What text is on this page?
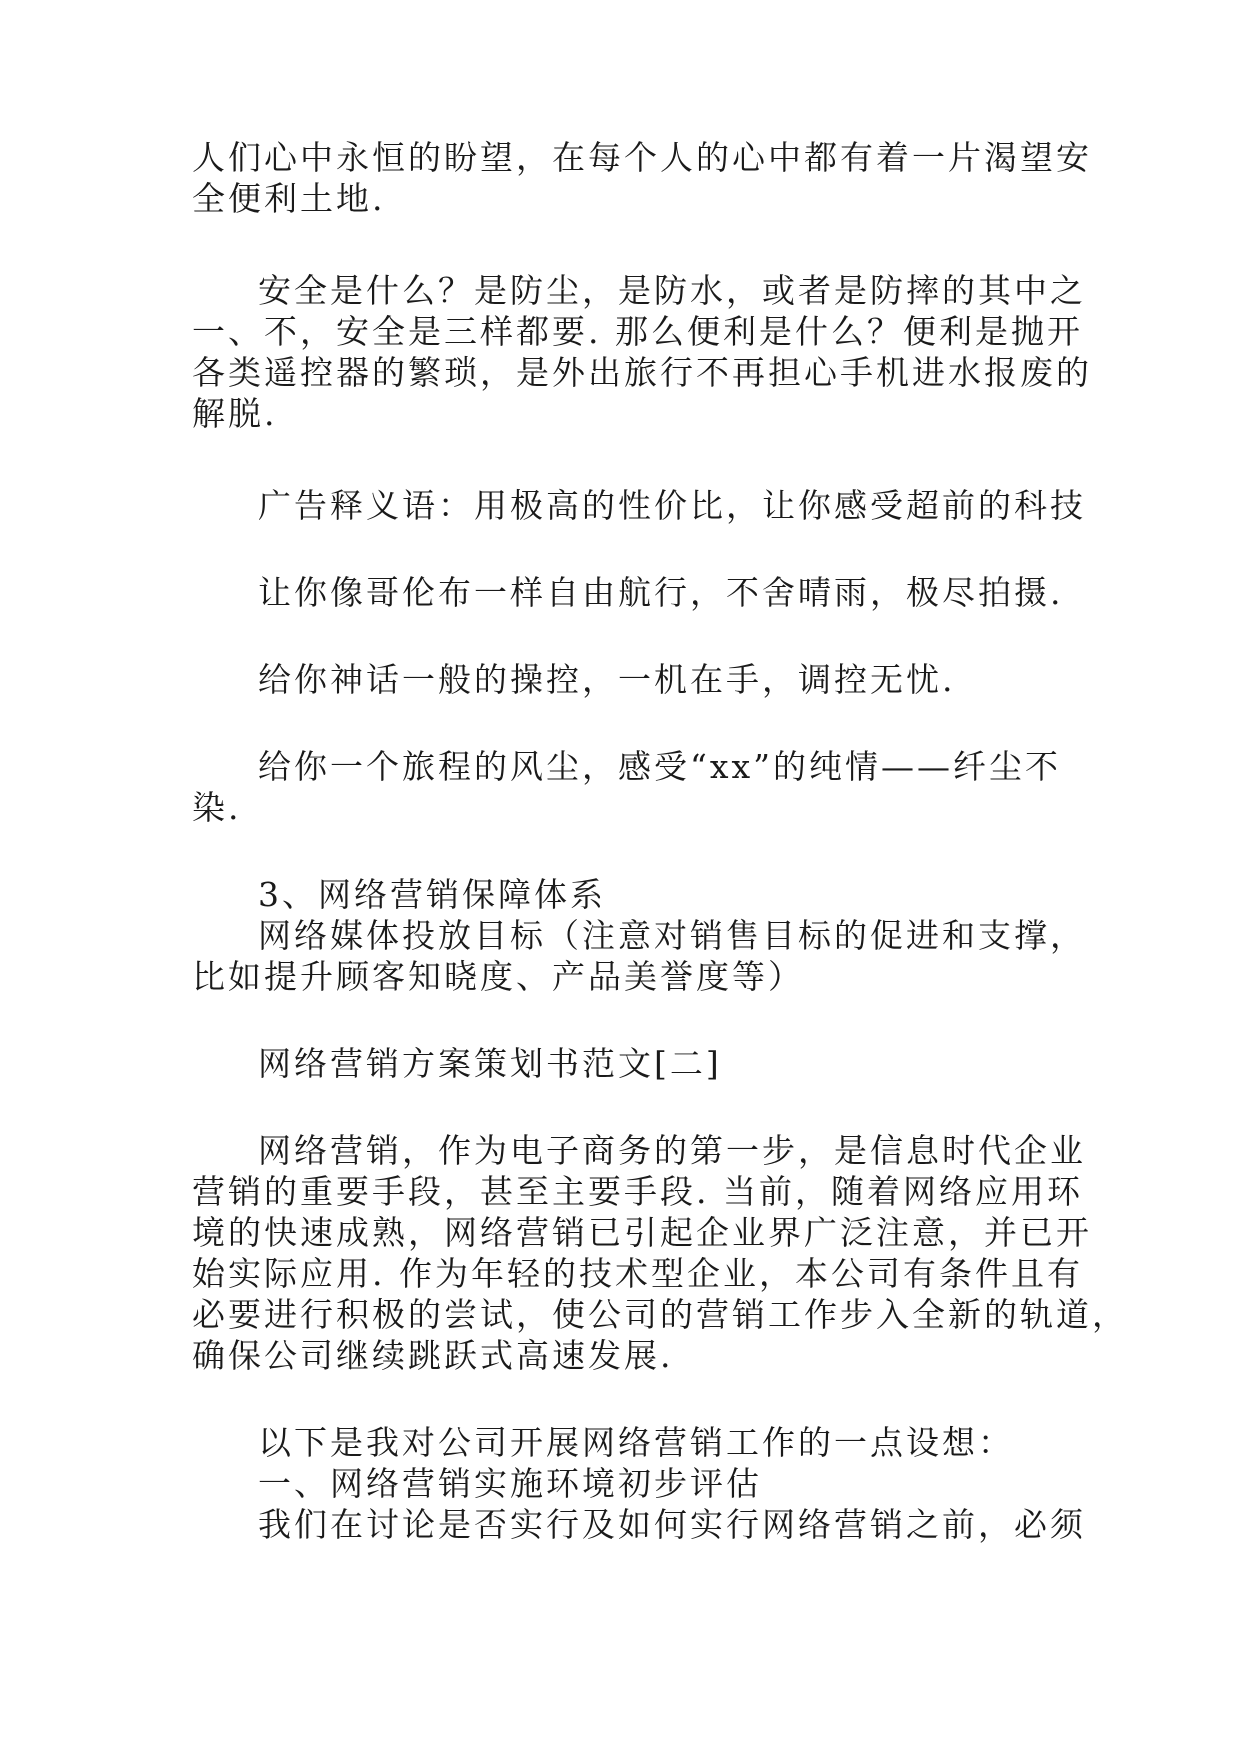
人们心中永恒的盼望，在每个人的心中都有着一片渴望安
全便利土地.
安全是什么？是防尘，是防水，或者是防摔的其中之
一、不，安全是三样都要. 那么便利是什么？便利是抛开
各类遥控器的繁琐，是外出旅行不再担心手机进水报废的
解脱.
广告释义语：用极高的性价比，让你感受超前的科技
让你像哥伦布一样自由航行，不舍晴雨，极尽拍摄.
给你神话一般的操控，一机在手，调控无忧.
给你一个旅程的风尘，感受“xx”的纯情——纤尘不
染.
3、网络营销保障体系
网络媒体投放目标（注意对销售目标的促进和支撑，
比如提升顾客知晓度、产品美誉度等）
网络营销方案策划书范文[二]
网络营销，作为电子商务的第一步，是信息时代企业
营销的重要手段，甚至主要手段. 当前，随着网络应用环
境的快速成熟，网络营销已引起企业界广泛注意，并已开
始实际应用. 作为年轻的技术型企业，本公司有条件且有
必要进行积极的尝试，使公司的营销工作步入全新的轨道，
确保公司继续跳跃式高速发展.
以下是我对公司开展网络营销工作的一点设想：
一、网络营销实施环境初步评估
我们在讨论是否实行及如何实行网络营销之前，必须
